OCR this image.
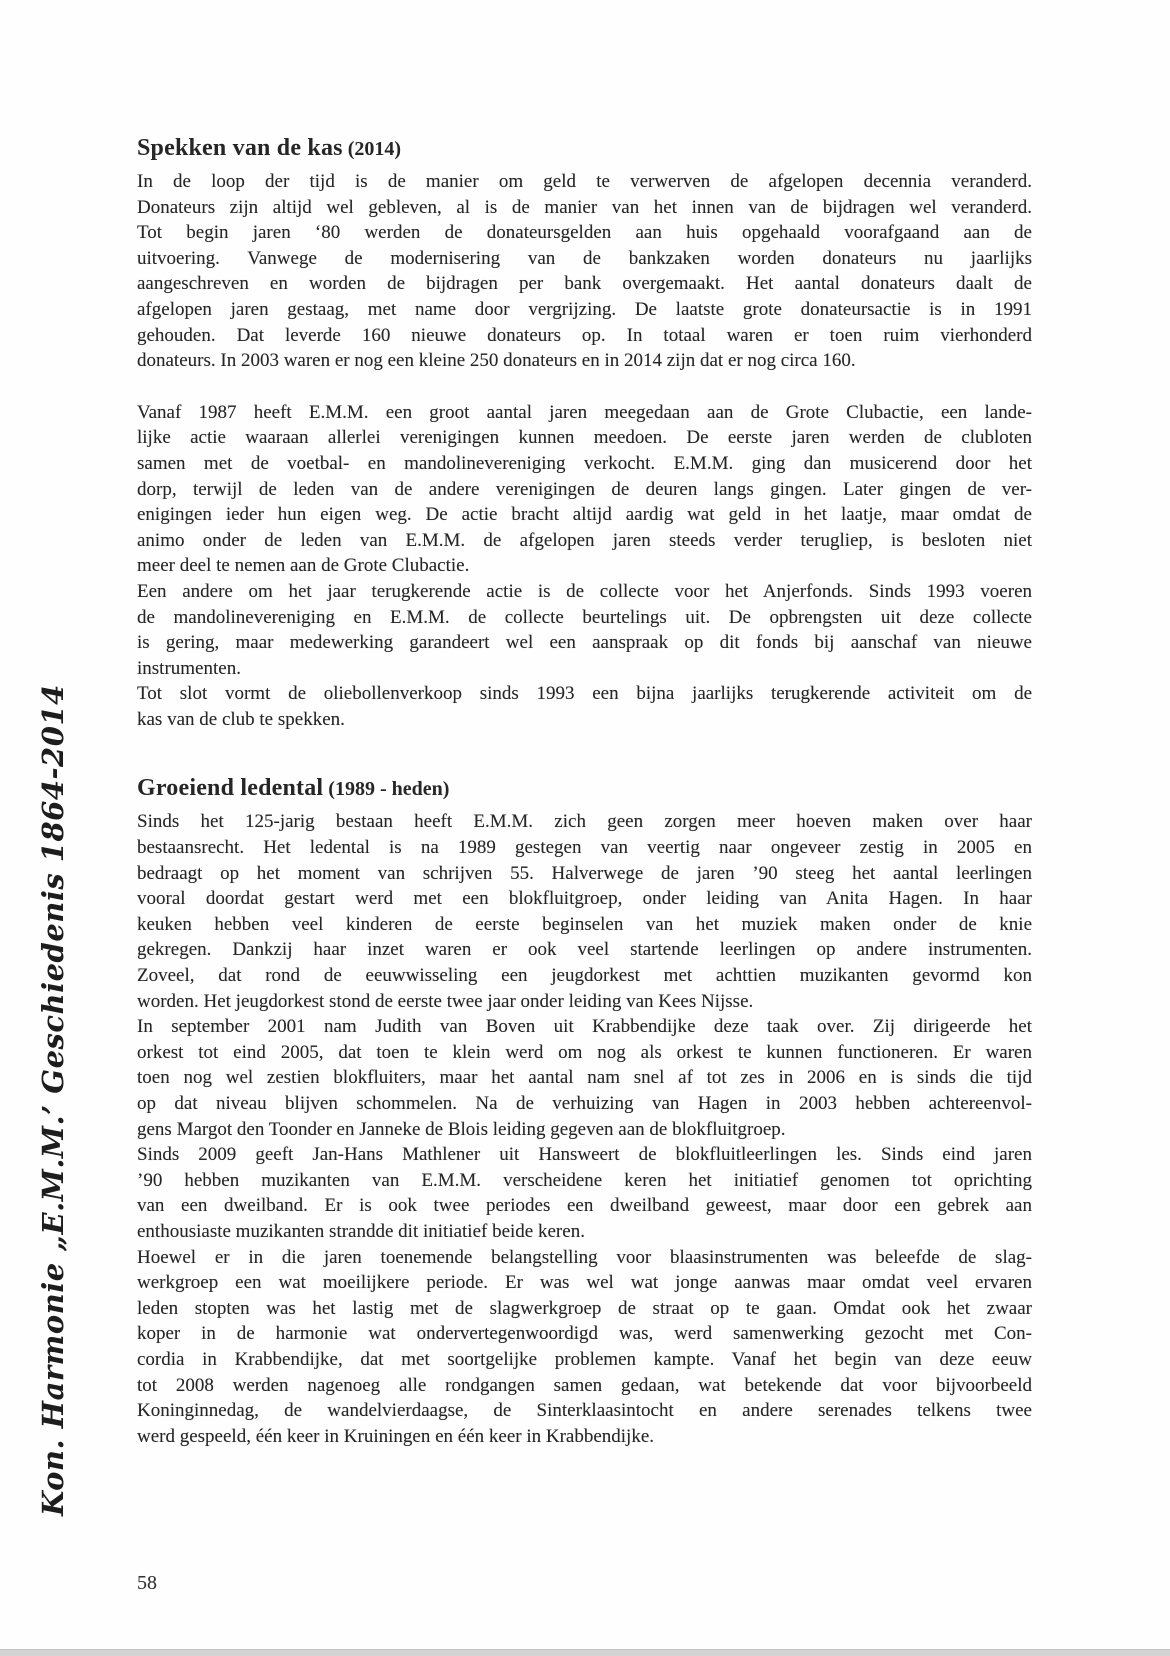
Kon. Harmonie „E.M.M.’ Geschiedenis 1864-2014
Spekken van de kas (2014)

In de loop der tijd is de manier om geld te verwerven de afgelopen decennia veranderd.
Donateurs zijn altijd wel gebleven, al is de manier van het innen van de bijdragen wel veranderd.
Tot begin jaren ‘80 werden de donateursgelden aan huis opgehaald voorafgaand aan de
uitvoering. Vanwege de modernisering van de bankzaken worden donateurs nu jaarlijks
aangeschreven en worden de bijdragen per bank overgemaakt. Het aantal donateurs daalt de
afgelopen jaren gestaag, met name door vergrijzing. De laatste grote donateursactie is in 1991
gehouden. Dat leverde 160 nieuwe donateurs op. In totaal waren er toen ruim vierhonderd
donateurs. In 2003 waren er nog een kleine 250 donateurs en in 2014 zijn dat er nog circa 160.

Vanaf 1987 heeft E.M.M. een groot aantal jaren meegedaan aan de Grote Clubactie, een lande-
lijke actie waaraan allerlei verenigingen kunnen meedoen. De eerste jaren werden de clubloten
samen met de voetbal- en mandolinevereniging verkocht. E.M.M. ging dan musicerend door het
dorp, terwijl de leden van de andere verenigingen de deuren langs gingen. Later gingen de ver-
enigingen ieder hun eigen weg. De actie bracht altijd aardig wat geld in het laatje, maar omdat de
animo onder de leden van E.M.M. de afgelopen jaren steeds verder terugliep, is besloten niet
meer deel te nemen aan de Grote Clubactie.

Een andere om het jaar terugkerende actie is de collecte voor het Anjerfonds. Sinds 1993 voeren
de mandolinevereniging en E.M.M. de collecte beurtelings uit. De opbrengsten uit deze collecte
is gering, maar medewerking garandeert wel een aanspraak op dit fonds bij aanschaf van nieuwe
instrumenten.

Tot slot vormt de oliebollenverkoop sinds 1993 een bijna jaarlijks terugkerende activiteit om de
kas van de club te spekken.

Groeiend ledental (1989 - heden)

Sinds het 125-jarig bestaan heeft E.M.M. zich geen zorgen meer hoeven maken over haar
bestaansrecht. Het ledental is na 1989 gestegen van veertig naar ongeveer zestig in 2005 en
bedraagt op het moment van schrijven 55. Halverwege de jaren ’90 steeg het aantal leerlingen
vooral doordat gestart werd met een blokfluitgroep, onder leiding van Anita Hagen. In haar
keuken hebben veel kinderen de eerste beginselen van het muziek maken onder de knie
gekregen. Dankzij haar inzet waren er ook veel startende leerlingen op andere instrumenten.
Zoveel, dat rond de eeuwwisseling een jeugdorkest met achttien muzikanten gevormd kon
worden. Het jeugdorkest stond de eerste twee jaar onder leiding van Kees Nijsse.

In september 2001 nam Judith van Boven uit Krabbendijke deze taak over. Zij dirigeerde het
orkest tot eind 2005, dat toen te klein werd om nog als orkest te kunnen functioneren. Er waren
toen nog wel zestien blokfluiters, maar het aantal nam snel af tot zes in 2006 en is sinds die tijd
op dat niveau blijven schommelen. Na de verhuizing van Hagen in 2003 hebben achtereenvol-
gens Margot den Toonder en Janneke de Blois leiding gegeven aan de blokfluitgroep.

Sinds 2009 geeft Jan-Hans Mathlener uit Hansweert de blokfluitleerlingen les. Sinds eind jaren
’90 hebben muzikanten van E.M.M. verscheidene keren het initiatief genomen tot oprichting
van een dweilband. Er is ook twee periodes een dweilband geweest, maar door een gebrek aan
enthousiaste muzikanten strandde dit initiatief beide keren.

Hoewel er in die jaren toenemende belangstelling voor blaasinstrumenten was beleefde de slag-
werkgroep een wat moeilijkere periode. Er was wel wat jonge aanwas maar omdat veel ervaren
leden stopten was het lastig met de slagwerkgroep de straat op te gaan. Omdat ook het zwaar
koper in de harmonie wat ondervertegenwoordigd was, werd samenwerking gezocht met Con-
cordia in Krabbendijke, dat met soortgelijke problemen kampte. Vanaf het begin van deze eeuw
tot 2008 werden nagenoeg alle rondgangen samen gedaan, wat betekende dat voor bijvoorbeeld
Koninginnedag, de wandelvierdaagse, de Sinterklaasintocht en andere serenades telkens twee
werd gespeeld, één keer in Kruiningen en één keer in Krabbendijke.

58
